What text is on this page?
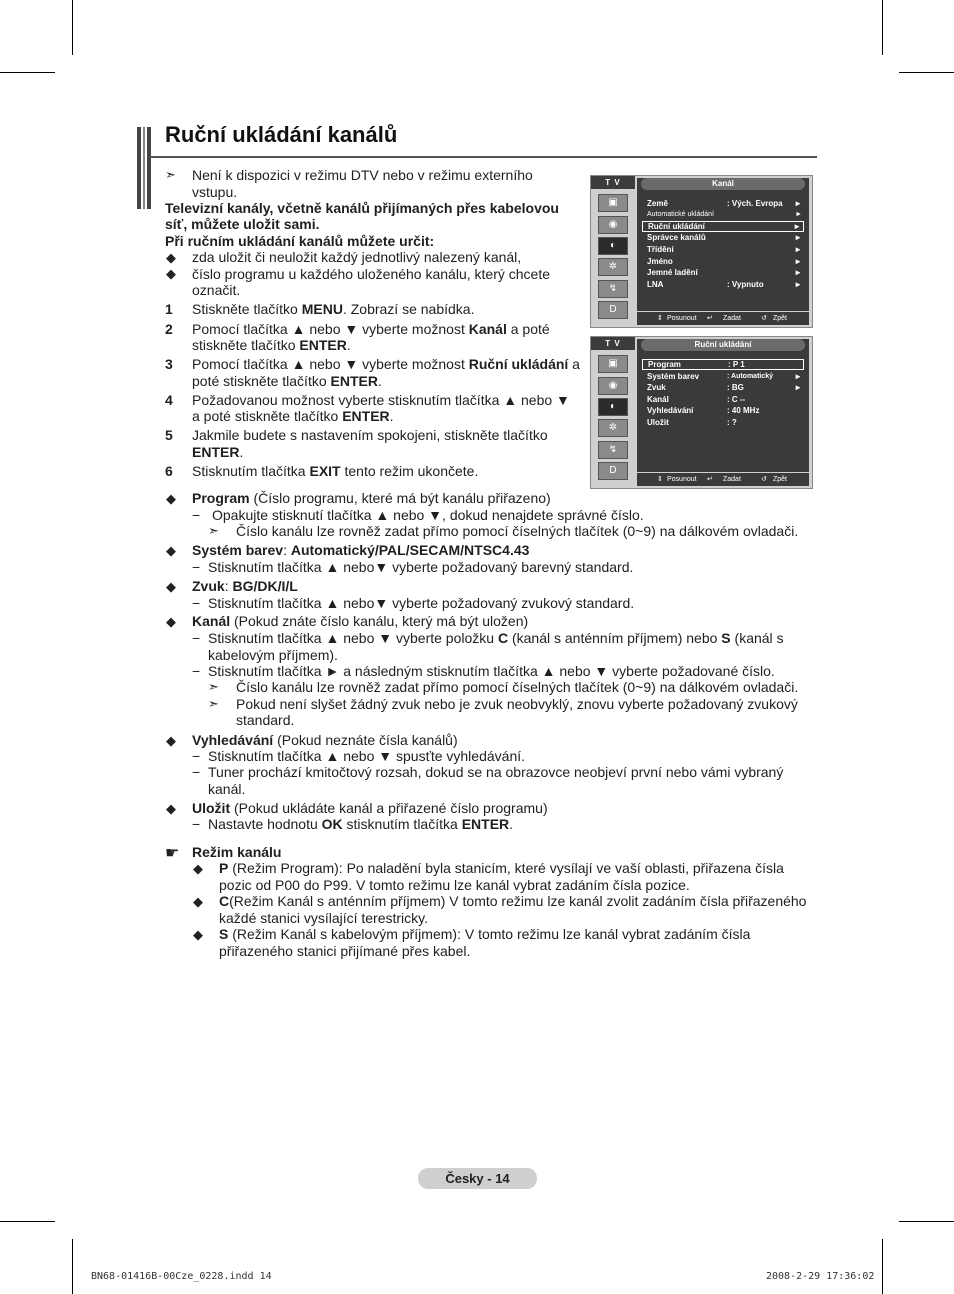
Ruční ukládání kanálů
➣ Není k dispozici v režimu DTV nebo v režimu externího
vstupu.
Televizní kanály, včetně kanálů přijímaných přes kabelovou
síť, můžete uložit sami.
Při ručním ukládání kanálů můžete určit:
◆ zda uložit či neuložit každý jednotlivý nalezený kanál,
◆ číslo programu u každého uloženého kanálu, který chcete
označit.
1 Stiskněte tlačítko MENU. Zobrazí se nabídka.
2 Pomocí tlačítka ▲ nebo ▼ vyberte možnost Kanál a poté
stiskněte tlačítko ENTER.
3 Pomocí tlačítka ▲ nebo ▼ vyberte možnost Ruční ukládání a
poté stiskněte tlačítko ENTER.
4 Požadovanou možnost vyberte stisknutím tlačítka ▲ nebo ▼
a poté stiskněte tlačítko ENTER.
5 Jakmile budete s nastavením spokojeni, stiskněte tlačítko
ENTER.
6 Stisknutím tlačítka EXIT tento režim ukončete.
T V
▣
◉
◐
✲
↯
D
Kanál
Země	: Vých. Evropa ►
Automatické ukládání	►
Ruční ukládání	►
Správce kanálů	►
Třídění	►
Jméno	►
Jemné ladění	►
LNA	: Vypnuto	►
⇕ Posunout ↵ Zadat	↺ Zpět
T V
▣
◉
◐
✲
↯
D
Ruční ukládání
Program	: P 1
Systém barev	: Automatický	►
Zvuk	: BG	►
Kanál	: C --
Vyhledávání	: 40 MHz
Uložit	: ?
⇕ Posunout ↵ Zadat	↺ Zpět
◆ Program (Číslo programu, které má být kanálu přiřazeno)
− Opakujte stisknutí tlačítka ▲ nebo ▼, dokud nenajdete správné číslo.
➣ Číslo kanálu lze rovněž zadat přímo pomocí číselných tlačítek (0~9) na dálkovém ovladači.
◆ Systém barev: Automatický/PAL/SECAM/NTSC4.43
− Stisknutím tlačítka ▲ nebo▼ vyberte požadovaný barevný standard.
◆ Zvuk: BG/DK/I/L
− Stisknutím tlačítka ▲ nebo▼ vyberte požadovaný zvukový standard.
◆ Kanál (Pokud znáte číslo kanálu, který má být uložen)
− Stisknutím tlačítka ▲ nebo ▼ vyberte položku C (kanál s anténním příjmem) nebo S (kanál s
kabelovým příjmem).
− Stisknutím tlačítka ► a následným stisknutím tlačítka ▲ nebo ▼ vyberte požadované číslo.
➣ Číslo kanálu lze rovněž zadat přímo pomocí číselných tlačítek (0~9) na dálkovém ovladači.
➣ Pokud není slyšet žádný zvuk nebo je zvuk neobvyklý, znovu vyberte požadovaný zvukový
standard.
◆ Vyhledávání (Pokud neznáte čísla kanálů)
− Stisknutím tlačítka ▲ nebo ▼ spusťte vyhledávání.
− Tuner prochází kmitočtový rozsah, dokud se na obrazovce neobjeví první nebo vámi vybraný
kanál.
◆ Uložit (Pokud ukládáte kanál a přiřazené číslo programu)
− Nastavte hodnotu OK stisknutím tlačítka ENTER.
☛ Režim kanálu
◆ P (Režim Program): Po naladění byla stanicím, které vysílají ve vaší oblasti, přiřazena čísla
pozic od P00 do P99. V tomto režimu lze kanál vybrat zadáním čísla pozice.
◆ C(Režim Kanál s anténním příjmem) V tomto režimu lze kanál zvolit zadáním čísla přiřazeného
každé stanici vysílající terestricky.
◆ S (Režim Kanál s kabelovým příjmem): V tomto režimu lze kanál vybrat zadáním čísla
přiřazeného stanici přijímané přes kabel.
Česky - 14
BN68-01416B-00Cze_0228.indd 14	2008-2-29 17:36:02
